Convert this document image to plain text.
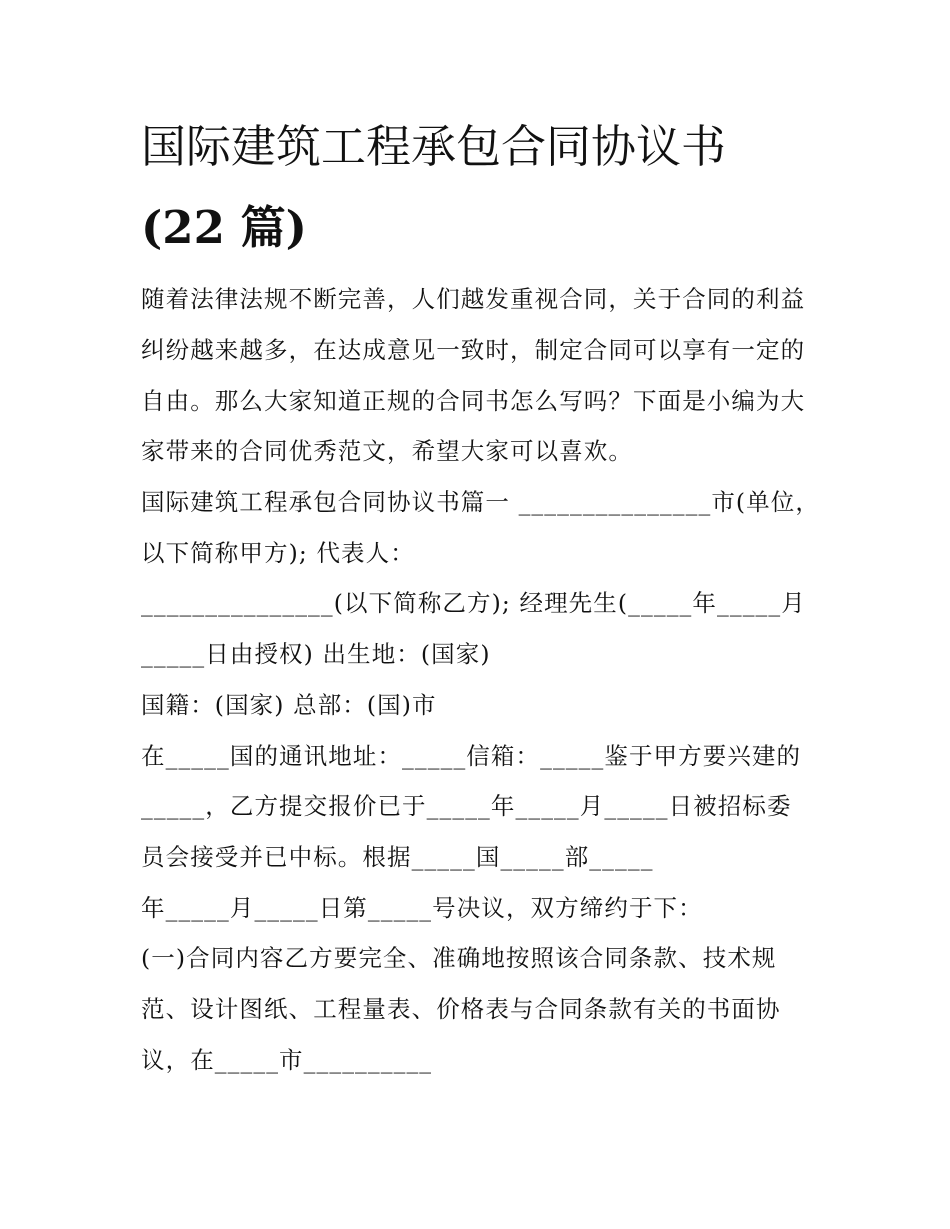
国际建筑工程承包合同协议书
(22 篇)
随着法律法规不断完善，人们越发重视合同，关于合同的利益
纠纷越来越多，在达成意见一致时，制定合同可以享有一定的
自由。那么大家知道正规的合同书怎么写吗？下面是小编为大
家带来的合同优秀范文，希望大家可以喜欢。
国际建筑工程承包合同协议书篇一 _______________市(单位，
以下简称甲方); 代表人：
_______________(以下简称乙方); 经理先生(_____年_____月
_____日由授权) 出生地：(国家)
国籍：(国家) 总部：(国)市
在_____国的通讯地址：_____信箱：_____鉴于甲方要兴建的
_____，乙方提交报价已于_____年_____月_____日被招标委
员会接受并已中标。根据_____国_____部_____
年_____月_____日第_____号决议，双方缔约于下：
(一)合同内容乙方要完全、准确地按照该合同条款、技术规
范、设计图纸、工程量表、价格表与合同条款有关的书面协
议，在_____市__________
